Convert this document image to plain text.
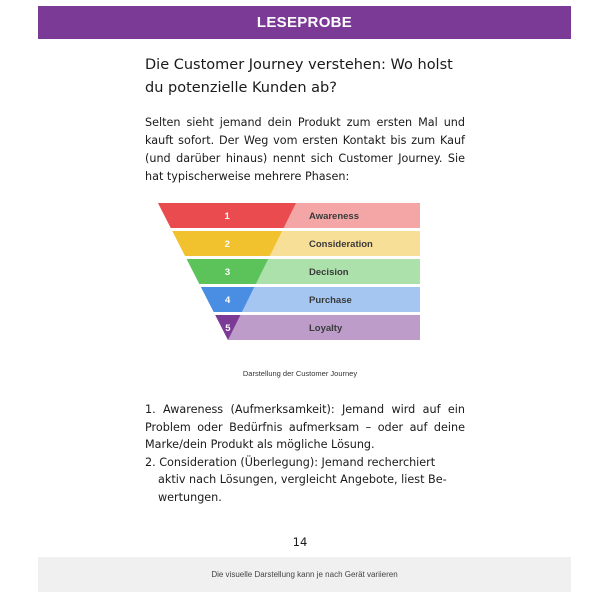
LESEPROBE
Die Customer Journey verstehen: Wo holst du potenzielle Kunden ab?

Selten sieht jemand dein Produkt zum ersten Mal und kauft sofort. Der Weg vom ersten Kontakt bis zum Kauf (und darüber hinaus) nennt sich Customer Journey. Sie hat typischerweise mehrere Phasen:

1	Awareness
2	Consideration
3	Decision
4	Purchase
5	Loyalty
Darstellung der Customer Journey
1. Awareness (Aufmerksamkeit): Jemand wird auf ein Problem oder Bedürfnis aufmerksam – oder auf deine Marke/dein Produkt als mögliche Lösung.
2. Consideration (Überlegung): Jemand recherchiert
aktiv nach Lösungen, vergleicht Angebote, liest Bewertungen.
14
Die visuelle Darstellung kann je nach Gerät variieren
